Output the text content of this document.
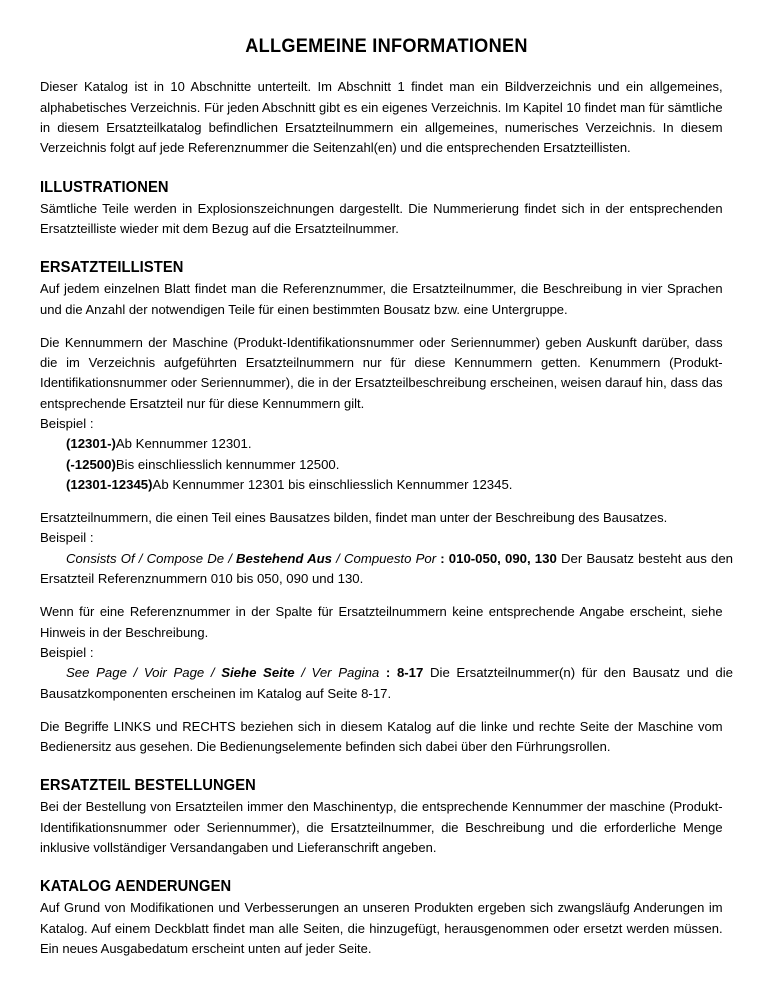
ALLGEMEINE INFORMATIONEN

Dieser Katalog ist in 10 Abschnitte unterteilt. Im Abschnitt 1 findet man ein Bildverzeichnis und ein allgemeines, alphabetisches Verzeichnis. Für jeden Abschnitt gibt es ein eigenes Verzeichnis. Im Kapitel 10 findet man für sämtliche in diesem Ersatzteilkatalog befindlichen Ersatzteilnummern ein allgemeines, numerisches Verzeichnis. In diesem Verzeichnis folgt auf jede Referenznummer die Seitenzahl(en) und die entsprechenden Ersatzteillisten.

ILLUSTRATIONEN

Sämtliche Teile werden in Explosionszeichnungen dargestellt. Die Nummerierung findet sich in der entsprechenden Ersatzteilliste wieder mit dem Bezug auf die Ersatzteilnummer.

ERSATZTEILLISTEN

Auf jedem einzelnen Blatt findet man die Referenznummer, die Ersatzteilnummer, die Beschreibung in vier Sprachen und die Anzahl der notwendigen Teile für einen bestimmten Bousatz bzw. eine Untergruppe.

Die Kennummern der Maschine (Produkt-Identifikationsnummer oder Seriennummer) geben Auskunft darüber, dass die im Verzeichnis aufgeführten Ersatzteilnummern nur für diese Kennummern getten. Kenummern (Produkt-Identifikationsnummer oder Seriennummer), die in der Ersatzteilbeschreibung erscheinen, weisen darauf hin, dass das entsprechende Ersatzteil nur für diese Kennummern gilt.

Beispiel :

(12301-)Ab Kennummer 12301.

(-12500)Bis einschliesslich kennummer 12500.

(12301-12345)Ab Kennummer 12301 bis einschliesslich Kennummer 12345.

Ersatzteilnummern, die einen Teil eines Bausatzes bilden, findet man unter der Beschreibung des Bausatzes.

Beispeil :

Consists Of / Compose De / Bestehend Aus / Compuesto Por : 010-050, 090, 130 Der Bausatz besteht aus den Ersatzteil Referenznummern 010 bis 050, 090 und 130.

Wenn für eine Referenznummer in der Spalte für Ersatzteilnummern keine entsprechende Angabe erscheint, siehe Hinweis in der Beschreibung.

Beispiel :

See Page / Voir Page / Siehe Seite / Ver Pagina : 8-17 Die Ersatzteilnummer(n) für den Bausatz und die Bausatzkomponenten erscheinen im Katalog auf Seite 8-17.

Die Begriffe LINKS und RECHTS beziehen sich in diesem Katalog auf die linke und rechte Seite der Maschine vom Bedienersitz aus gesehen. Die Bedienungselemente befinden sich dabei über den Fürhrungsrollen.

ERSATZTEIL BESTELLUNGEN

Bei der Bestellung von Ersatzteilen immer den Maschinentyp, die entsprechende Kennummer der maschine (Produkt-Identifikationsnummer oder Seriennummer), die Ersatzteilnummer, die Beschreibung und die erforderliche Menge inklusive vollständiger Versandangaben und Lieferanschrift angeben.

KATALOG AENDERUNGEN

Auf Grund von Modifikationen und Verbesserungen an unseren Produkten ergeben sich zwangsläufg Anderungen im Katalog. Auf einem Deckblatt findet man alle Seiten, die hinzugefügt, herausgenommen oder ersetzt werden müssen. Ein neues Ausgabedatum erscheint unten auf jeder Seite.
